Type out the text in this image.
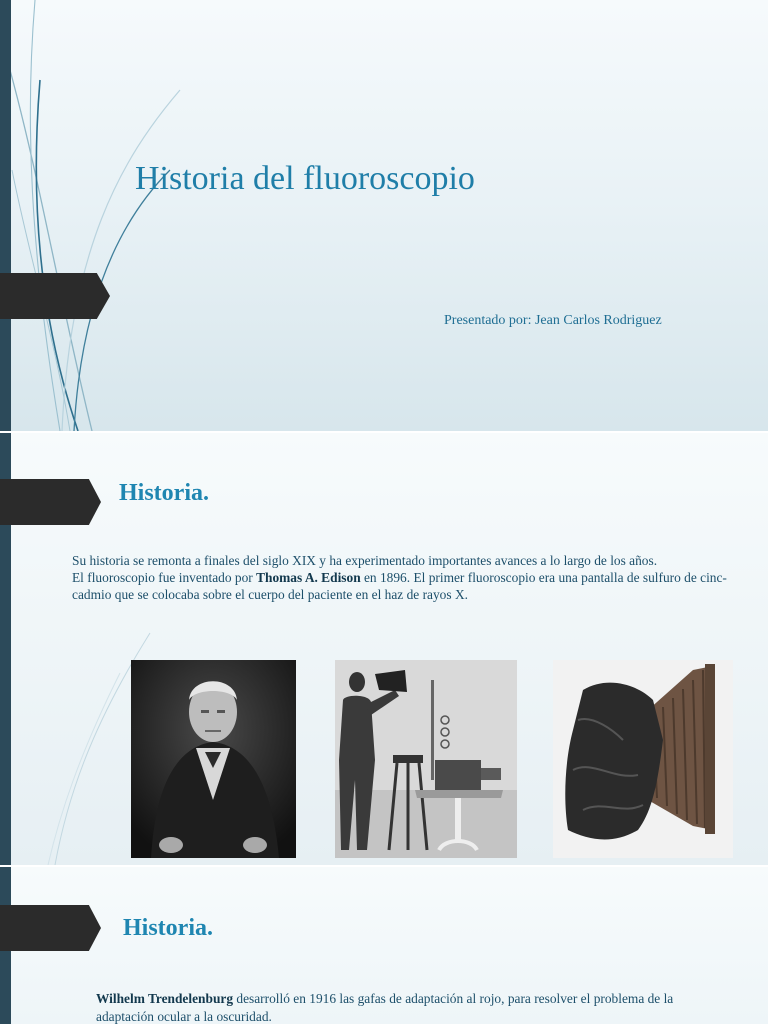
Historia del fluoroscopio
Presentado por: Jean Carlos Rodriguez
Historia.

Su historia se remonta a finales del siglo XIX y ha experimentado importantes avances a lo largo de los años.
El fluoroscopio fue inventado por Thomas A. Edison en 1896. El primer fluoroscopio era una pantalla de sulfuro de cinc-cadmio que se colocaba sobre el cuerpo del paciente en el haz de rayos X.

Historia.

Wilhelm Trendelenburg desarrolló en 1916 las gafas de adaptación al rojo, para resolver el problema de la adaptación ocular a la oscuridad.
